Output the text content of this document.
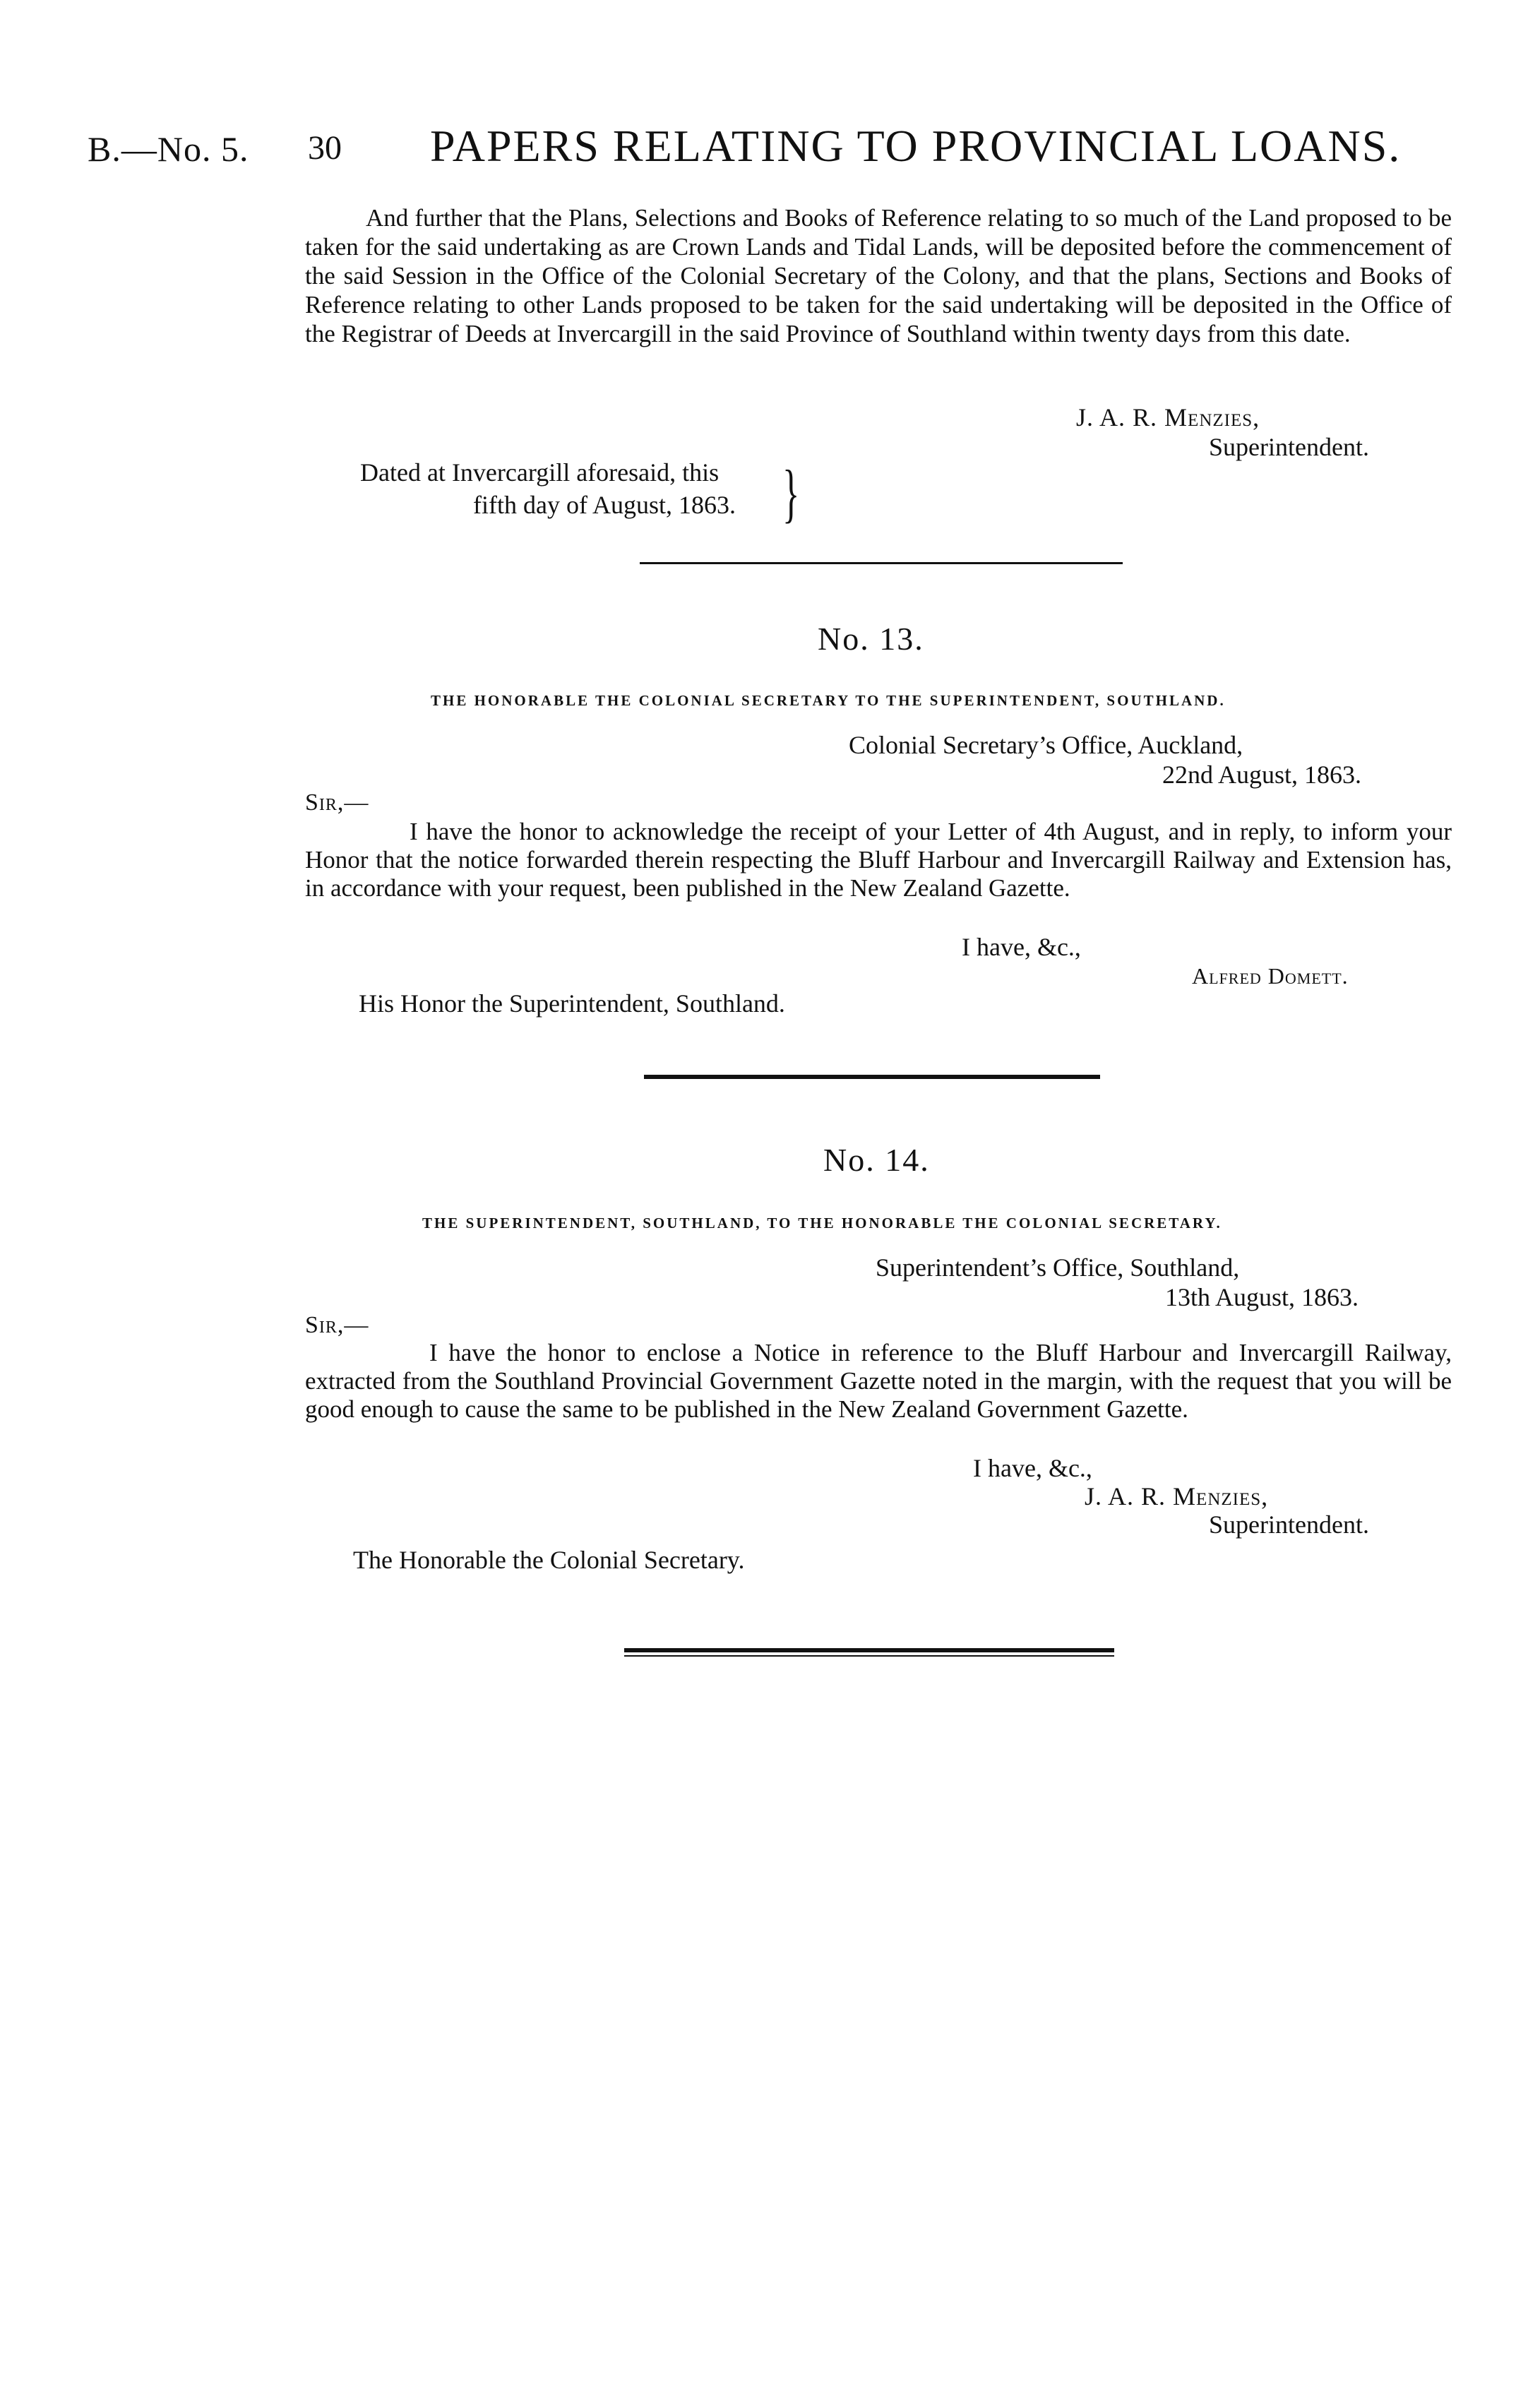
B.—No. 5. 30 PAPERS RELATING TO PROVINCIAL LOANS.

And further that the Plans, Selections and Books of Reference relating to so much of the Land proposed to be taken for the said undertaking as are Crown Lands and Tidal Lands, will be deposited before the commencement of the said Session in the Office of the Colonial Secretary of the Colony, and that the plans, Sections and Books of Reference relating to other Lands proposed to be taken for the said undertaking will be deposited in the Office of the Registrar of Deeds at Invercargill in the said Province of Southland within twenty days from this date.

J. A. R. Menzies,
Superintendent.
Dated at Invercargill aforesaid, this
fifth day of August, 1863. }
No. 13.
THE HONORABLE THE COLONIAL SECRETARY TO THE SUPERINTENDENT, SOUTHLAND.
Colonial Secretary’s Office, Auckland,
22nd August, 1863.
Sir,—

I have the honor to acknowledge the receipt of your Letter of 4th August, and in reply, to inform your Honor that the notice forwarded therein respecting the Bluff Harbour and Invercargill Railway and Extension has, in accordance with your request, been published in the New Zealand Gazette.

I have, &c.,
Alfred Domett.
His Honor the Superintendent, Southland.
No. 14.
THE SUPERINTENDENT, SOUTHLAND, TO THE HONORABLE THE COLONIAL SECRETARY.
Superintendent’s Office, Southland,
13th August, 1863.
Sir,—

I have the honor to enclose a Notice in reference to the Bluff Harbour and Invercargill Railway, extracted from the Southland Provincial Government Gazette noted in the margin, with the request that you will be good enough to cause the same to be published in the New Zealand Government Gazette.

I have, &c.,
J. A. R. Menzies,
Superintendent.
The Honorable the Colonial Secretary.
